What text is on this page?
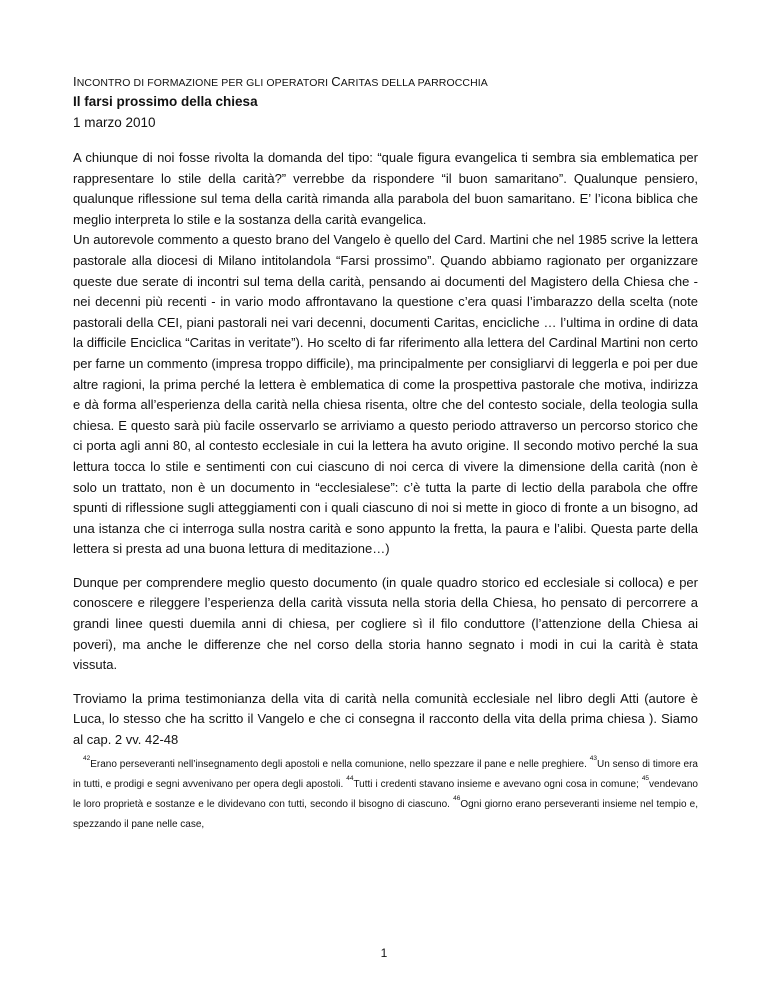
INCONTRO DI FORMAZIONE PER GLI OPERATORI CARITAS DELLA PARROCCHIA
Il farsi prossimo della chiesa
1 marzo 2010

A chiunque di noi fosse rivolta la domanda del tipo: “quale figura evangelica ti sembra sia emblematica per rappresentare lo stile della carità?” verrebbe da rispondere “il buon samaritano”. Qualunque pensiero, qualunque riflessione sul tema della carità rimanda alla parabola del buon samaritano. E’ l’icona biblica che meglio interpreta lo stile e la sostanza della carità evangelica.

Un autorevole commento a questo brano del Vangelo è quello del Card. Martini che nel 1985 scrive la lettera pastorale alla diocesi di Milano intitolandola “Farsi prossimo”. Quando abbiamo ragionato per organizzare queste due serate di incontri sul tema della carità, pensando ai documenti del Magistero della Chiesa che - nei decenni più recenti - in vario modo affrontavano la questione c’era quasi l’imbarazzo della scelta (note pastorali della CEI, piani pastorali nei vari decenni, documenti Caritas, encicliche … l’ultima in ordine di data la difficile Enciclica “Caritas in veritate”). Ho scelto di far riferimento alla lettera del Cardinal Martini non certo per farne un commento (impresa troppo difficile), ma principalmente per consigliarvi di leggerla e poi per due altre ragioni, la prima perché la lettera è emblematica di come la prospettiva pastorale che motiva, indirizza e dà forma all’esperienza della carità nella chiesa risenta, oltre che del contesto sociale, della teologia sulla chiesa. E questo sarà più facile osservarlo se arriviamo a questo periodo attraverso un percorso storico che ci porta agli anni 80, al contesto ecclesiale in cui la lettera ha avuto origine. Il secondo motivo perché la sua lettura tocca lo stile e sentimenti con cui ciascuno di noi cerca di vivere la dimensione della carità (non è solo un trattato, non è un documento in “ecclesialese”: c’è tutta la parte di lectio della parabola che offre spunti di riflessione sugli atteggiamenti con i quali ciascuno di noi si mette in gioco di fronte a un bisogno, ad una istanza che ci interroga sulla nostra carità e sono appunto la fretta, la paura e l’alibi. Questa parte della lettera si presta ad una buona lettura di meditazione…)

Dunque per comprendere meglio questo documento (in quale quadro storico ed ecclesiale si colloca) e per conoscere e rileggere l’esperienza della carità vissuta nella storia della Chiesa, ho pensato di percorrere a grandi linee questi duemila anni di chiesa, per cogliere sì il filo conduttore (l’attenzione della Chiesa ai poveri), ma anche le differenze che nel corso della storia hanno segnato i modi in cui la carità è stata vissuta.

Troviamo la prima testimonianza della vita di carità nella comunità ecclesiale nel libro degli Atti (autore è Luca, lo stesso che ha scritto il Vangelo e che ci consegna il racconto della vita della prima chiesa ). Siamo al cap. 2 vv. 42-48

$^{42}$Erano perseveranti nell’insegnamento degli apostoli e nella comunione, nello spezzare il pane e nelle preghiere. $^{43}$Un senso di timore era in tutti, e prodigi e segni avvenivano per opera degli apostoli. $^{44}$Tutti i credenti stavano insieme e avevano ogni cosa in comune; $^{45}$vendevano le loro proprietà e sostanze e le dividevano con tutti, secondo il bisogno di ciascuno. $^{46}$Ogni giorno erano perseveranti insieme nel tempio e, spezzando il pane nelle case,

1
